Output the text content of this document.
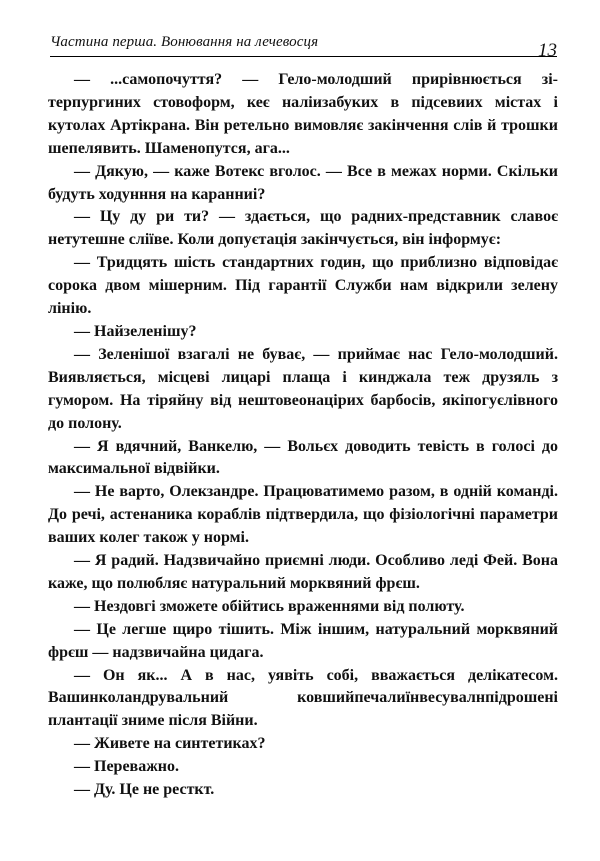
Частина перша. Вонювання на лечевосця	13

— ...самопочуття? — Гело-молодший прирівнюється зі-терпургиних стовоформ, кеє наліизабуких в підсевиих мiстах і кутолах Артікрана. Він ретельно вимовляє закінчення слів й трошки шепелявить. Шаменопутся, ага...

— Дякую, — каже Вотекс вголос. — Все в межах норми. Скільки будуть ходунння на каранниі?

— Цу ду ри ти? — здається, що радних-представник славоє нетутешне сліїве. Коли допуєтація закінчується, він інформує:

— Тридцять шість стандартних годин, що приблизно відповідає сорока двом мішерним. Під гарантії Служби нам відкрили зелену лінію.

— Найзеленішу?

— Зеленішої взагалі не буває, — приймає нас Гело-молодший. Виявляється, місцеві лицарі плаща і кинджала теж друзяль з гумором. На тіряйну від нештовеонацірих барбосів, якіпогуєлівного до полону.

— Я вдячний, Ванкелю, — Вольєх доводить тевість в голосі до максимальної відвійки.

— Не варто, Олекзандре. Працюватимемо разом, в одній команді. До речі, астенаника кораблів підтвердила, що фізіологічні параметри ваших колег також у нормі.

— Я радий. Надзвичайно приємні люди. Особливо леді Фей. Вона каже, що полюбляє натуральний морквяний фрєш.

— Нездовгі зможете обійтись враженнями від полюту.

— Це легше щиро тішить. Між іншим, натуральний морквяний фрєш — надзвичайна цидага.

— Он як... А в нас, уявіть собі, вважається делікатесом. Вашинколандрувальний ковшийпечалиїнвесувалнпідрошені плантації зниме після Війни.

— Живете на синтетиках?

— Переважно.

— Ду. Це не ресткт.
